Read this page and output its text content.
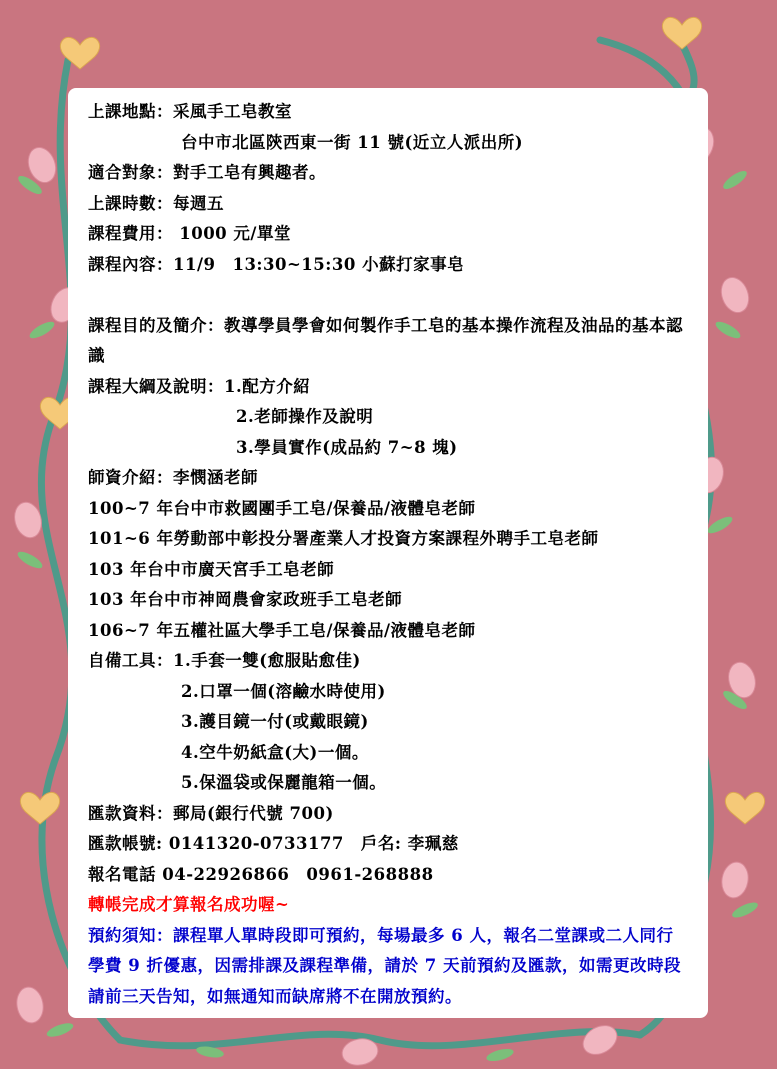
上課地點：采風手工皂教室
台中市北區陝西東一街 11 號(近立人派出所)
適合對象：對手工皂有興趣者。
上課時數：每週五
課程費用： 1000 元/單堂
課程內容：11/9　13:30~15:30 小蘇打家事皂
課程目的及簡介：教導學員學會如何製作手工皂的基本操作流程及油品的基本認識
課程大綱及說明：1.配方介紹
2.老師操作及說明
3.學員實作(成品約 7~8 塊)
師資介紹：李憫涵老師
100~7 年台中市救國團手工皂/保養品/液體皂老師
101~6 年勞動部中彰投分署產業人才投資方案課程外聘手工皂老師
103 年台中市廣天宮手工皂老師
103 年台中市神岡農會家政班手工皂老師
106~7 年五權社區大學手工皂/保養品/液體皂老師
自備工具：1.手套一雙(愈服貼愈佳)
2.口罩一個(溶鹼水時使用)
3.護目鏡一付(或戴眼鏡)
4.空牛奶紙盒(大)一個。
5.保溫袋或保麗龍箱一個。
匯款資料：郵局(銀行代號 700)
匯款帳號: 0141320-0733177　戶名: 李珮慈
報名電話 04-22926866　0961-268888
轉帳完成才算報名成功喔~
預約須知：課程單人單時段即可預約，每場最多 6 人，報名二堂課或二人同行學費 9 折優惠，因需排課及課程準備，請於 7 天前預約及匯款，如需更改時段請前三天告知，如無通知而缺席將不在開放預約。
